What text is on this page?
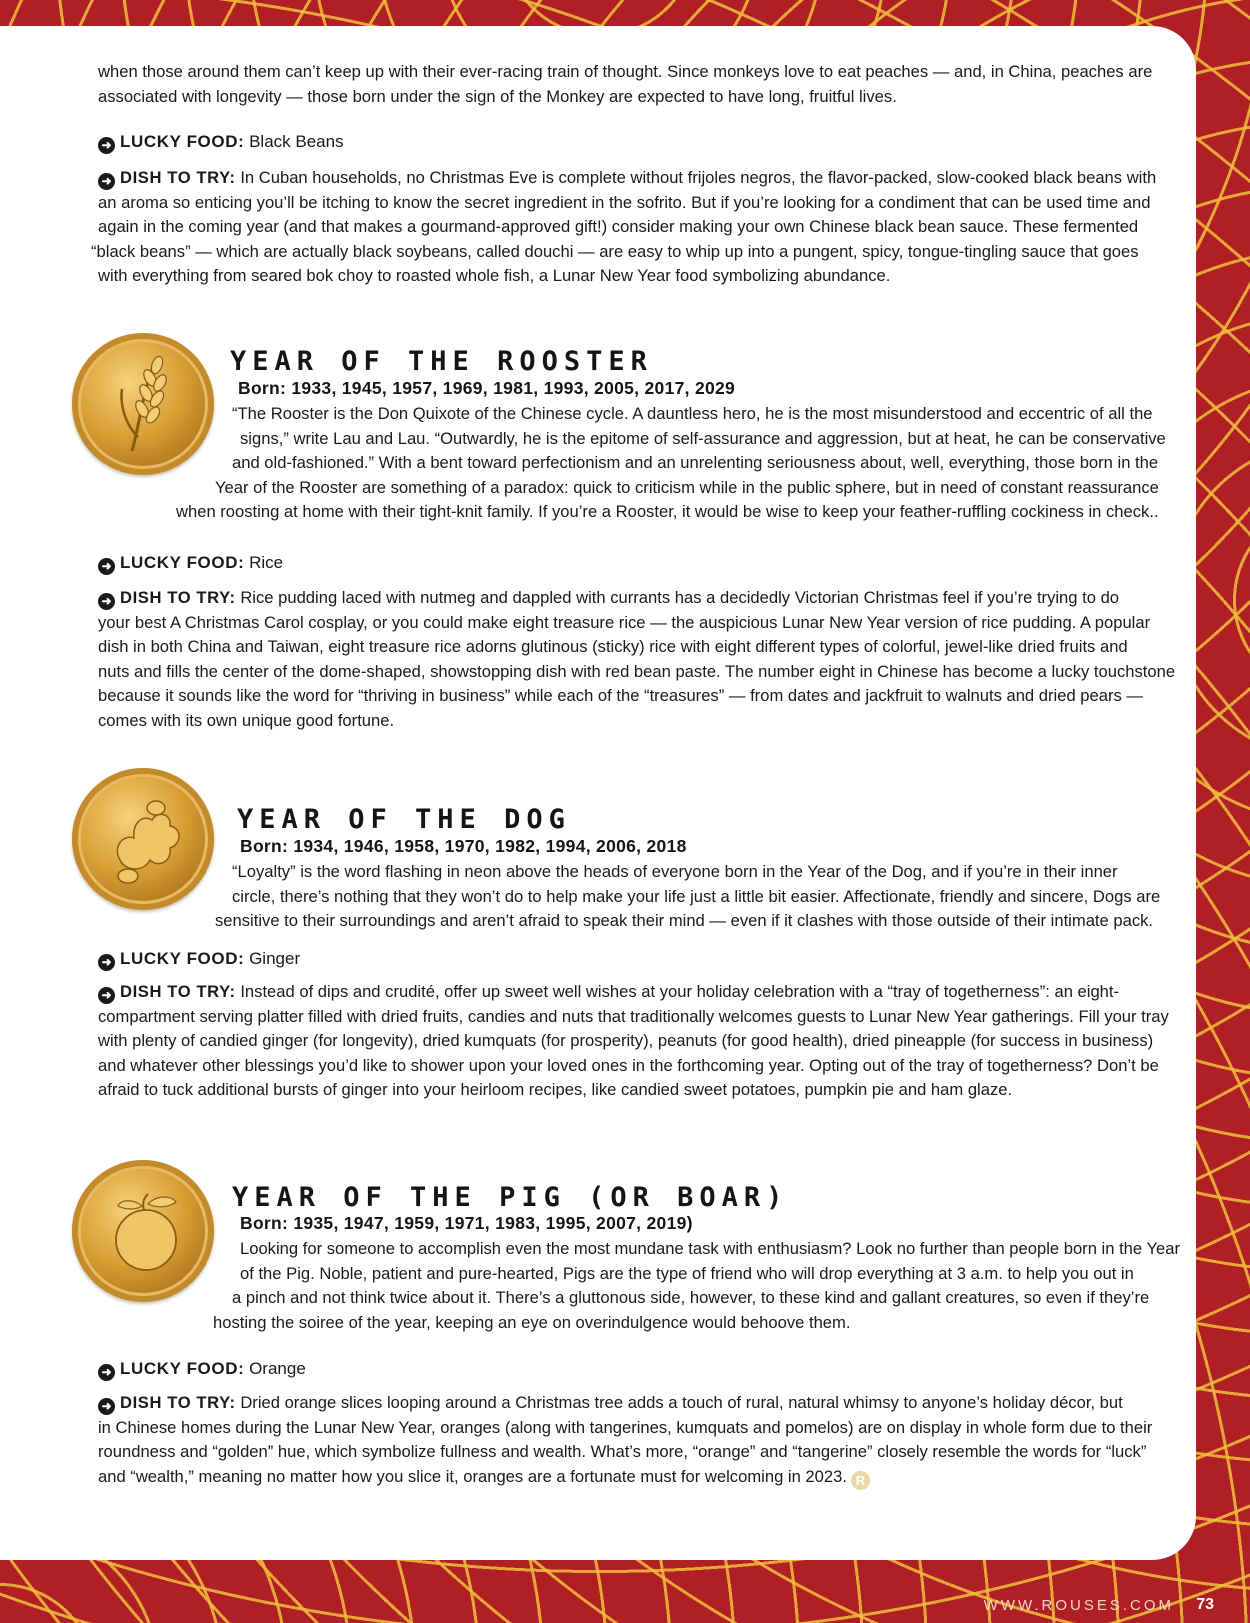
when those around them can’t keep up with their ever-racing train of thought. Since monkeys love to eat peaches — and, in China, peaches are
associated with longevity — those born under the sign of the Monkey are expected to have long, fruitful lives.
➜ LUCKY FOOD: Black Beans
➜ DISH TO TRY: In Cuban households, no Christmas Eve is complete without frijoles negros, the flavor-packed, slow-cooked black beans with
an aroma so enticing you’ll be itching to know the secret ingredient in the sofrito. But if you’re looking for a condiment that can be used time and
again in the coming year (and that makes a gourmand-approved gift!) consider making your own Chinese black bean sauce. These fermented
“black beans” — which are actually black soybeans, called douchi — are easy to whip up into a pungent, spicy, tongue-tingling sauce that goes
with everything from seared bok choy to roasted whole fish, a Lunar New Year food symbolizing abundance.
YEAR OF THE ROOSTER
Born: 1933, 1945, 1957, 1969, 1981, 1993, 2005, 2017, 2029
“The Rooster is the Don Quixote of the Chinese cycle. A dauntless hero, he is the most misunderstood and eccentric of all the
signs,” write Lau and Lau. “Outwardly, he is the epitome of self-assurance and aggression, but at heat, he can be conservative
and old-fashioned.” With a bent toward perfectionism and an unrelenting seriousness about, well, everything, those born in the
Year of the Rooster are something of a paradox: quick to criticism while in the public sphere, but in need of constant reassurance
when roosting at home with their tight-knit family. If you’re a Rooster, it would be wise to keep your feather-ruffling cockiness in check..
➜ LUCKY FOOD: Rice
➜ DISH TO TRY: Rice pudding laced with nutmeg and dappled with currants has a decidedly Victorian Christmas feel if you’re trying to do
your best A Christmas Carol cosplay, or you could make eight treasure rice — the auspicious Lunar New Year version of rice pudding. A popular
dish in both China and Taiwan, eight treasure rice adorns glutinous (sticky) rice with eight different types of colorful, jewel-like dried fruits and
nuts and fills the center of the dome-shaped, showstopping dish with red bean paste. The number eight in Chinese has become a lucky touchstone
because it sounds like the word for “thriving in business” while each of the “treasures” — from dates and jackfruit to walnuts and dried pears —
comes with its own unique good fortune.
YEAR OF THE DOG
Born: 1934, 1946, 1958, 1970, 1982, 1994, 2006, 2018
“Loyalty” is the word flashing in neon above the heads of everyone born in the Year of the Dog, and if you’re in their inner
circle, there’s nothing that they won’t do to help make your life just a little bit easier. Affectionate, friendly and sincere, Dogs are
sensitive to their surroundings and aren’t afraid to speak their mind — even if it clashes with those outside of their intimate pack.
➜ LUCKY FOOD: Ginger
➜ DISH TO TRY: Instead of dips and crudité, offer up sweet well wishes at your holiday celebration with a “tray of togetherness”: an eight-
compartment serving platter filled with dried fruits, candies and nuts that traditionally welcomes guests to Lunar New Year gatherings. Fill your tray
with plenty of candied ginger (for longevity), dried kumquats (for prosperity), peanuts (for good health), dried pineapple (for success in business)
and whatever other blessings you’d like to shower upon your loved ones in the forthcoming year. Opting out of the tray of togetherness? Don’t be
afraid to tuck additional bursts of ginger into your heirloom recipes, like candied sweet potatoes, pumpkin pie and ham glaze.
YEAR OF THE PIG (OR BOAR)
Born: 1935, 1947, 1959, 1971, 1983, 1995, 2007, 2019)
Looking for someone to accomplish even the most mundane task with enthusiasm? Look no further than people born in the Year
of the Pig. Noble, patient and pure-hearted, Pigs are the type of friend who will drop everything at 3 a.m. to help you out in
a pinch and not think twice about it. There’s a gluttonous side, however, to these kind and gallant creatures, so even if they’re
hosting the soiree of the year, keeping an eye on overindulgence would behoove them.
➜ LUCKY FOOD: Orange
➜ DISH TO TRY: Dried orange slices looping around a Christmas tree adds a touch of rural, natural whimsy to anyone’s holiday décor, but
in Chinese homes during the Lunar New Year, oranges (along with tangerines, kumquats and pomelos) are on display in whole form due to their
roundness and “golden” hue, which symbolize fullness and wealth. What’s more, “orange” and “tangerine” closely resemble the words for “luck”
and “wealth,” meaning no matter how you slice it, oranges are a fortunate must for welcoming in 2023. R
WWW.ROUSES.COM 73
